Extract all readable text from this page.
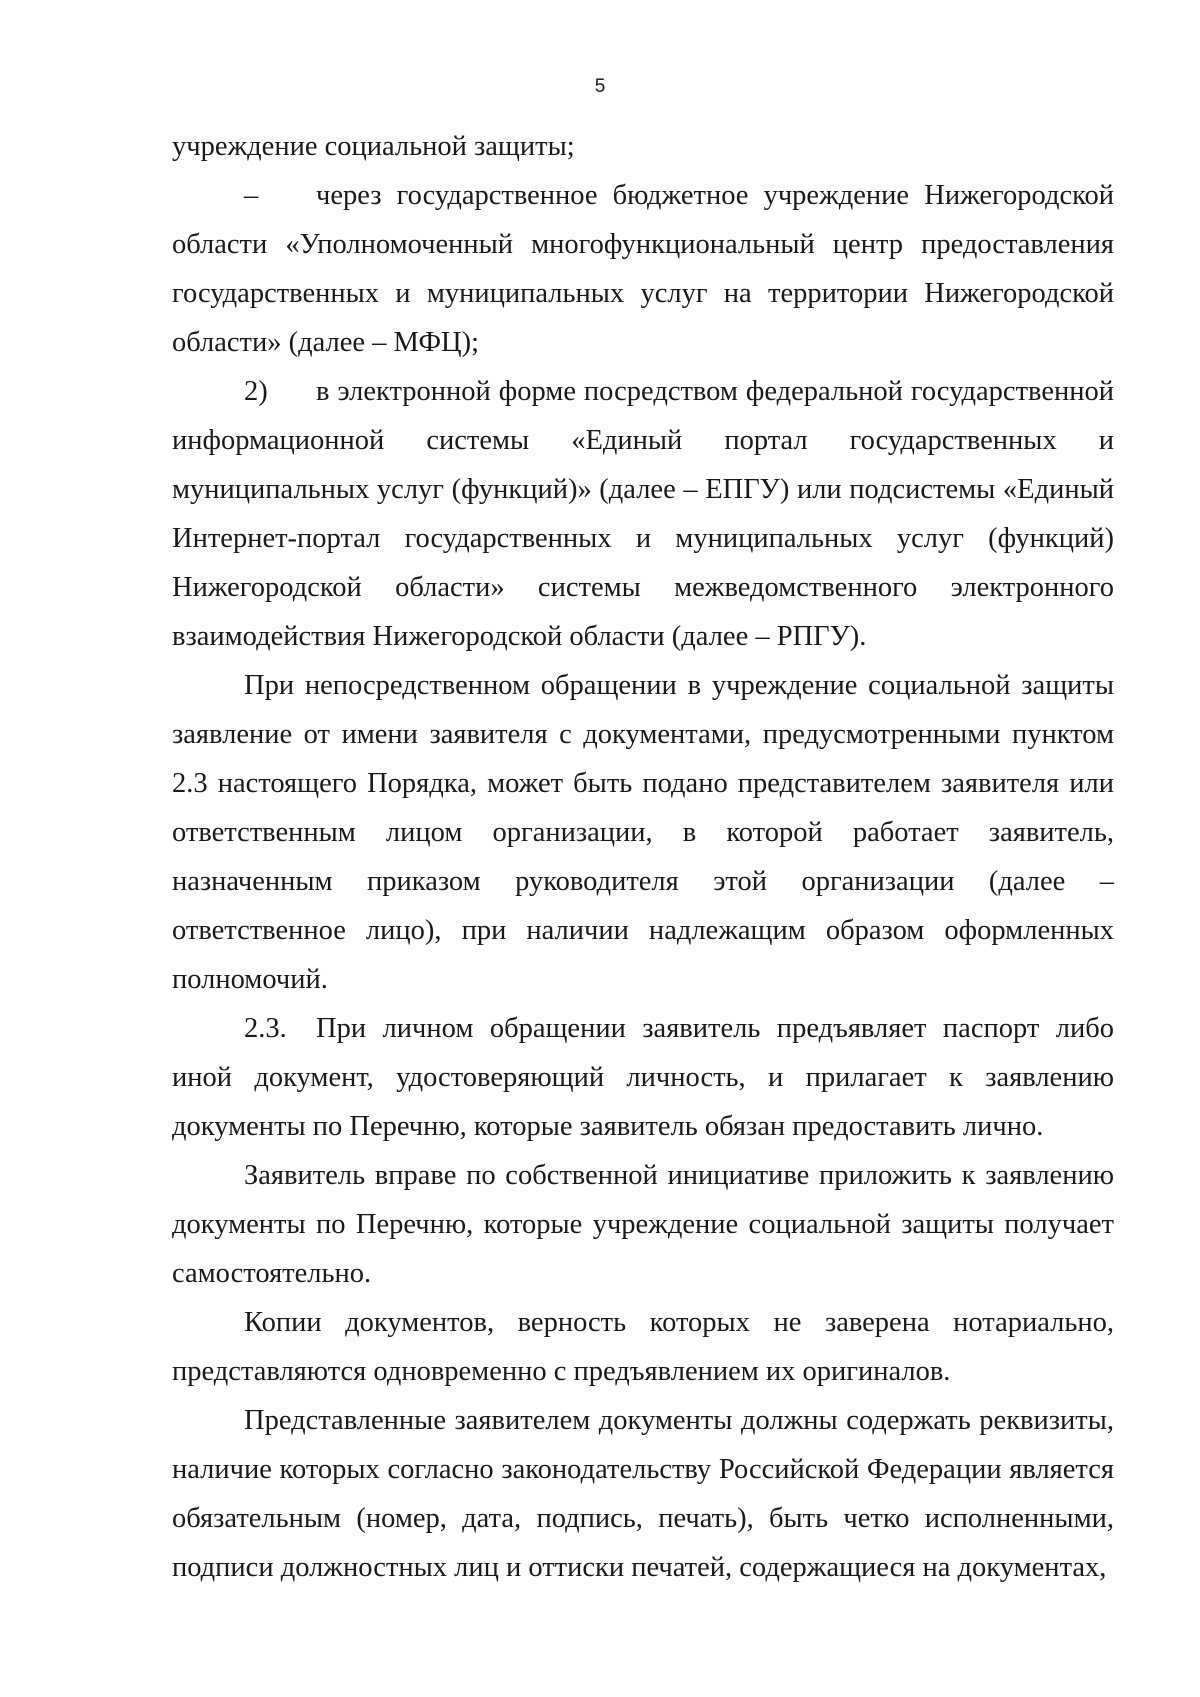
5

учреждение социальной защиты;

– через государственное бюджетное учреждение Нижегородской области «Уполномоченный многофункциональный центр предоставления государственных и муниципальных услуг на территории Нижегородской области» (далее – МФЦ);

2) в электронной форме посредством федеральной государственной информационной системы «Единый портал государственных и муниципальных услуг (функций)» (далее – ЕПГУ) или подсистемы «Единый Интернет-портал государственных и муниципальных услуг (функций) Нижегородской области» системы межведомственного электронного взаимодействия Нижегородской области (далее – РПГУ).

При непосредственном обращении в учреждение социальной защиты заявление от имени заявителя с документами, предусмотренными пунктом 2.3 настоящего Порядка, может быть подано представителем заявителя или ответственным лицом организации, в которой работает заявитель, назначенным приказом руководителя этой организации (далее – ответственное лицо), при наличии надлежащим образом оформленных полномочий.

2.3. При личном обращении заявитель предъявляет паспорт либо иной документ, удостоверяющий личность, и прилагает к заявлению документы по Перечню, которые заявитель обязан предоставить лично.

Заявитель вправе по собственной инициативе приложить к заявлению документы по Перечню, которые учреждение социальной защиты получает самостоятельно.

Копии документов, верность которых не заверена нотариально, представляются одновременно с предъявлением их оригиналов.

Представленные заявителем документы должны содержать реквизиты, наличие которых согласно законодательству Российской Федерации является обязательным (номер, дата, подпись, печать), быть четко исполненными, подписи должностных лиц и оттиски печатей, содержащиеся на документах,
